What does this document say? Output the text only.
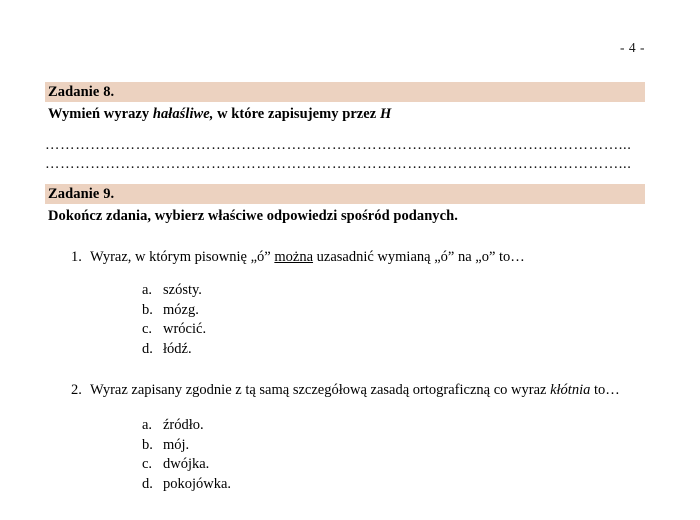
- 4 -
Zadanie 8.
Wymień wyrazy hałaśliwe, w które zapisujemy przez H
……………………………………………………………………………………………………...
……………………………………………………………………………………………………...
Zadanie 9.
Dokończ zdania, wybierz właściwe odpowiedzi spośród podanych.
1. Wyraz, w którym pisownię „ó” można uzasadnić wymianą „ó” na „o” to…
a. szósty.
b. mózg.
c. wrócić.
d. łódź.
2. Wyraz zapisany zgodnie z tą samą szczegółową zasadą ortograficzną co wyraz kłótnia to…
a. źródło.
b. mój.
c. dwójka.
d. pokojówka.
